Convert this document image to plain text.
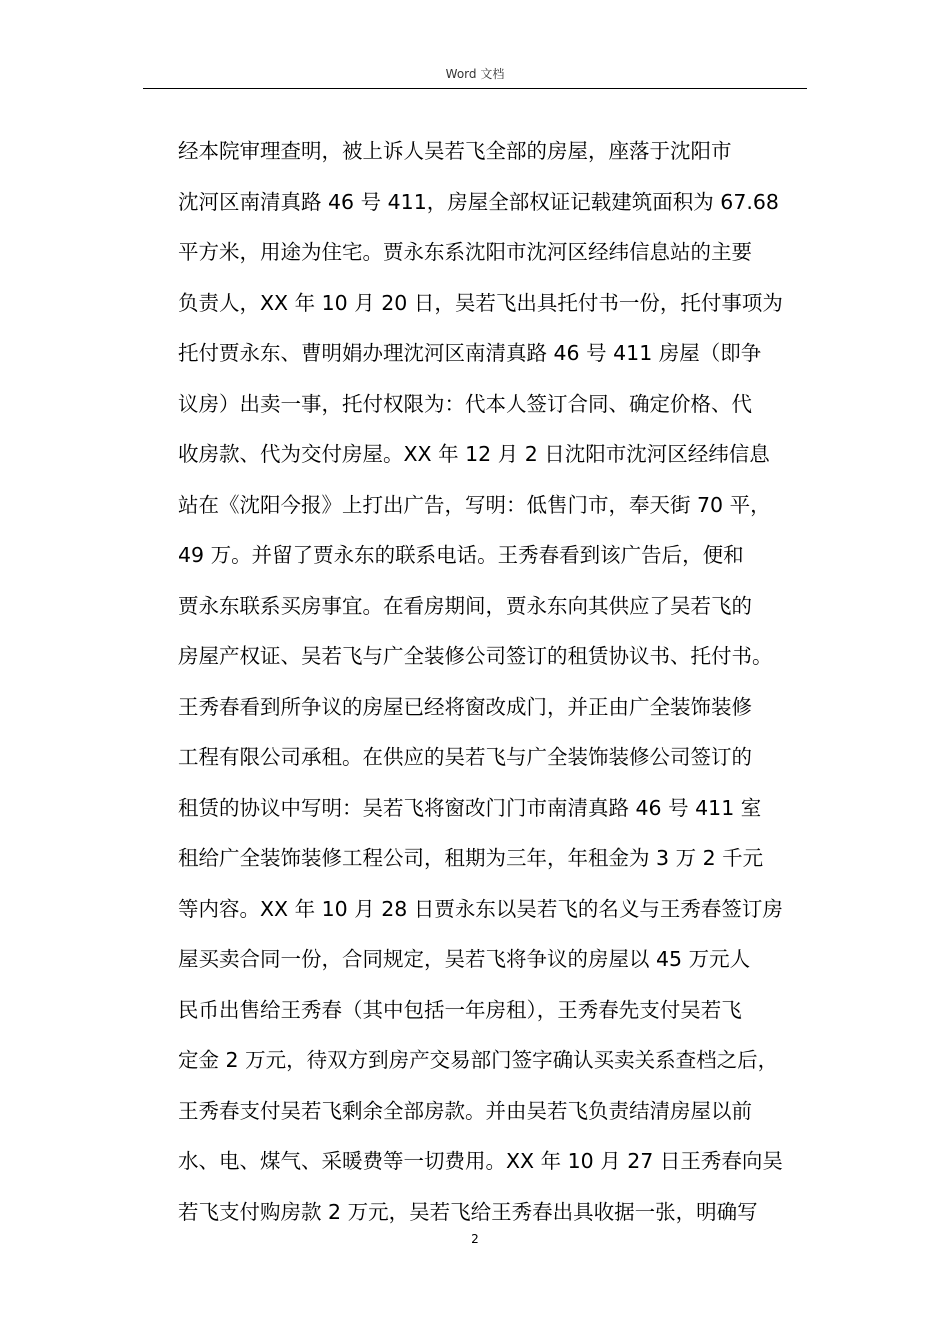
Word 文档
经本院审理查明，被上诉人吴若飞全部的房屋，座落于沈阳市
沈河区南清真路 46 号 411，房屋全部权证记载建筑面积为 67.68
平方米，用途为住宅。贾永东系沈阳市沈河区经纬信息站的主要
负责人，XX 年 10 月 20 日，吴若飞出具托付书一份，托付事项为
托付贾永东、曹明娟办理沈河区南清真路 46 号 411 房屋（即争
议房）出卖一事，托付权限为：代本人签订合同、确定价格、代
收房款、代为交付房屋。XX 年 12 月 2 日沈阳市沈河区经纬信息
站在《沈阳今报》上打出广告，写明：低售门市，奉天街 70 平，
49 万。并留了贾永东的联系电话。王秀春看到该广告后，便和
贾永东联系买房事宜。在看房期间，贾永东向其供应了吴若飞的
房屋产权证、吴若飞与广全装修公司签订的租赁协议书、托付书。
王秀春看到所争议的房屋已经将窗改成门，并正由广全装饰装修
工程有限公司承租。在供应的吴若飞与广全装饰装修公司签订的
租赁的协议中写明：吴若飞将窗改门门市南清真路 46 号 411 室
租给广全装饰装修工程公司，租期为三年，年租金为 3 万 2 千元
等内容。XX 年 10 月 28 日贾永东以吴若飞的名义与王秀春签订房
屋买卖合同一份，合同规定，吴若飞将争议的房屋以 45 万元人
民币出售给王秀春（其中包括一年房租），王秀春先支付吴若飞
定金 2 万元，待双方到房产交易部门签字确认买卖关系查档之后，
王秀春支付吴若飞剩余全部房款。并由吴若飞负责结清房屋以前
水、电、煤气、采暖费等一切费用。XX 年 10 月 27 日王秀春向吴
若飞支付购房款 2 万元，吴若飞给王秀春出具收据一张，明确写
2
